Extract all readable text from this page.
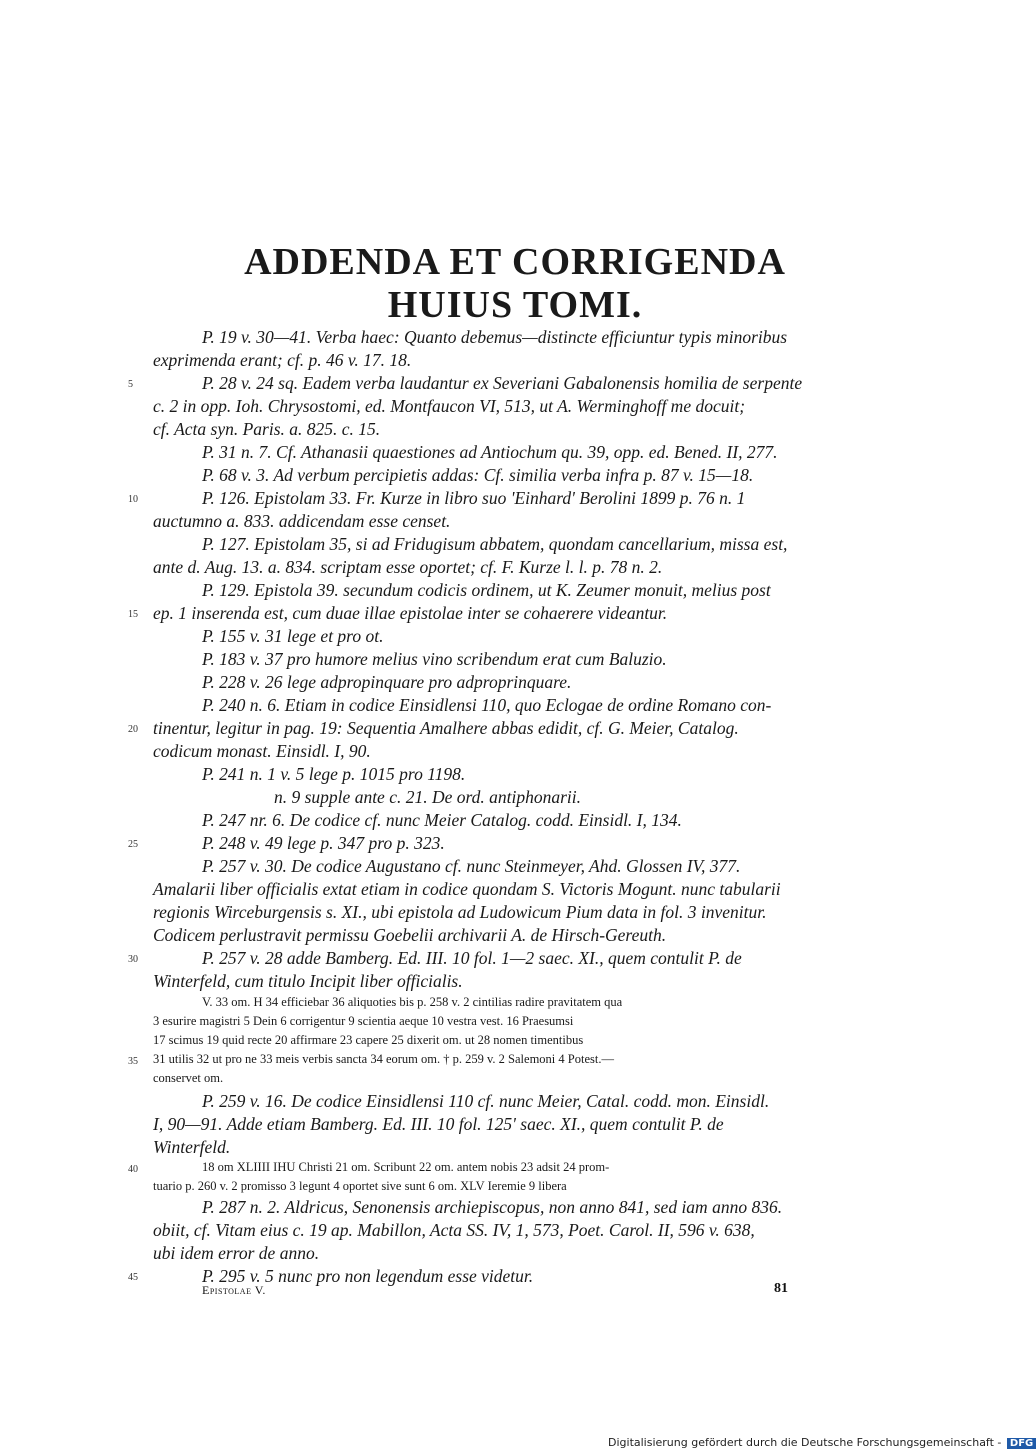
ADDENDA ET CORRIGENDA
HUIUS TOMI.
P. 19 v. 30—41. Verba haec: Quanto debemus—distincte efficiuntur typis minoribus
exprimenda erant; cf. p. 46 v. 17. 18.
P. 28 v. 24 sq. Eadem verba laudantur ex Severiani Gabalonensis homilia de serpente
c. 2 in opp. Ioh. Chrysostomi, ed. Montfaucon VI, 513, ut A. Werminghoff me docuit;
cf. Acta syn. Paris. a. 825. c. 15.
P. 31 n. 7. Cf. Athanasii quaestiones ad Antiochum qu. 39, opp. ed. Bened. II, 277.
P. 68 v. 3. Ad verbum percipietis addas: Cf. similia verba infra p. 87 v. 15—18.
P. 126. Epistolam 33. Fr. Kurze in libro suo 'Einhard' Berolini 1899 p. 76 n. 1
auctumno a. 833. addicendam esse censet.
P. 127. Epistolam 35, si ad Fridugisum abbatem, quondam cancellarium, missa est,
ante d. Aug. 13. a. 834. scriptam esse oportet; cf. F. Kurze l. l. p. 78 n. 2.
P. 129. Epistola 39. secundum codicis ordinem, ut K. Zeumer monuit, melius post
ep. 1 inserenda est, cum duae illae epistolae inter se cohaerere videantur.
P. 155 v. 31 lege et pro ot.
P. 183 v. 37 pro humore melius vino scribendum erat cum Baluzio.
P. 228 v. 26 lege adpropinquare pro adproprinquare.
P. 240 n. 6. Etiam in codice Einsidlensi 110, quo Eclogae de ordine Romano con-
tinentur, legitur in pag. 19: Sequentia Amalhere abbas edidit, cf. G. Meier, Catalog.
codicum monast. Einsidl. I, 90.
P. 241 n. 1 v. 5 lege p. 1015 pro 1198.
n. 9 supple ante c. 21. De ord. antiphonarii.
P. 247 nr. 6. De codice cf. nunc Meier Catalog. codd. Einsidl. I, 134.
P. 248 v. 49 lege p. 347 pro p. 323.
P. 257 v. 30. De codice Augustano cf. nunc Steinmeyer, Ahd. Glossen IV, 377.
Amalarii liber officialis extat etiam in codice quondam S. Victoris Mogunt. nunc tabularii
regionis Wirceburgensis s. XI., ubi epistola ad Ludowicum Pium data in fol. 3 invenitur.
Codicem perlustravit permissu Goebelii archivarii A. de Hirsch-Gereuth.
P. 257 v. 28 adde Bamberg. Ed. III. 10 fol. 1—2 saec. XI., quem contulit P. de
Winterfeld, cum titulo Incipit liber officialis.
V. 33 om. H 34 efficiebar 36 aliquoties bis p. 258 v. 2 cintilias radire pravitatem qua
3 esurire magistri 5 Dein 6 corrigentur 9 scientia aeque 10 vestra vest. 16 Praesumsi
17 scimus 19 quid recte 20 affirmare 23 capere 25 dixerit om. ut 28 nomen timentibus
31 utilis 32 ut pro ne 33 meis verbis sancta 34 eorum om. † p. 259 v. 2 Salemoni 4 Potest.—
conservet om.
P. 259 v. 16. De codice Einsidlensi 110 cf. nunc Meier, Catal. codd. mon. Einsidl.
I, 90—91. Adde etiam Bamberg. Ed. III. 10 fol. 125' saec. XI., quem contulit P. de
Winterfeld.
18 om XLIIII IHU Christi 21 om. Scribunt 22 om. antem nobis 23 adsit 24 prom-
tuario p. 260 v. 2 promisso 3 legunt 4 oportet sive sunt 6 om. XLV Ieremie 9 libera
P. 287 n. 2. Aldricus, Senonensis archiepiscopus, non anno 841, sed iam anno 836.
obiit, cf. Vitam eius c. 19 ap. Mabillon, Acta SS. IV, 1, 573, Poet. Carol. II, 596 v. 638,
ubi idem error de anno.
P. 295 v. 5 nunc pro non legendum esse videtur.
5
10
15
20
25
30
35
40
45
Epistolae V.	81
Digitalisierung gefördert durch die Deutsche Forschungsgemeinschaft - DFG
